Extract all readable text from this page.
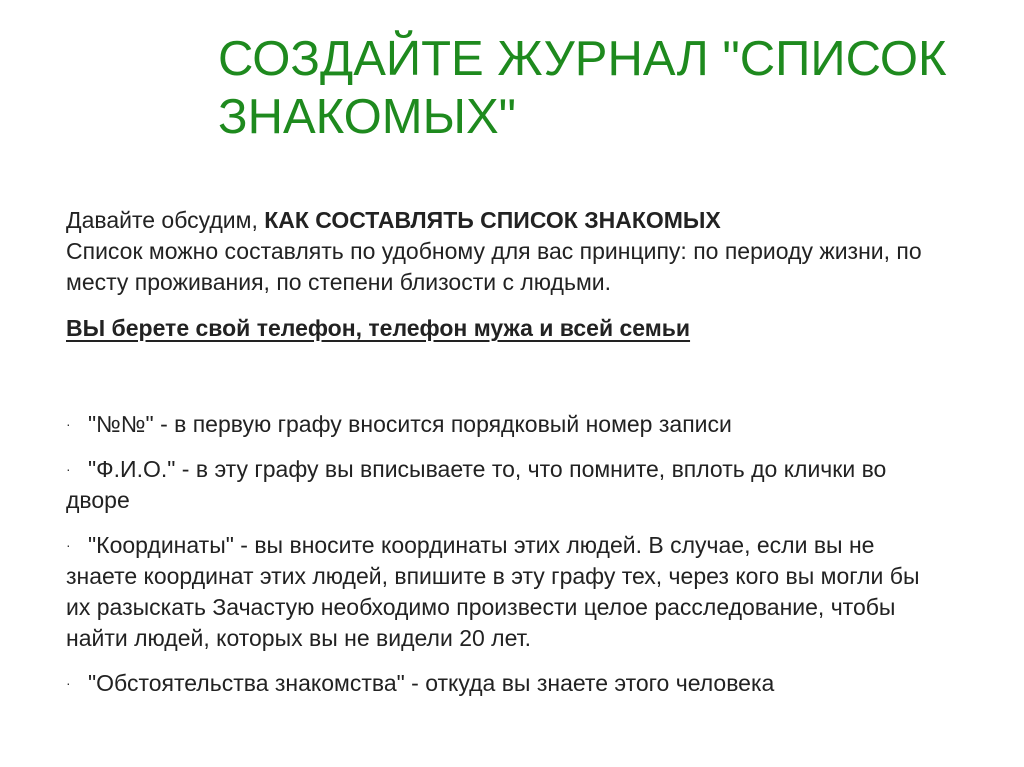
СОЗДАЙТЕ ЖУРНАЛ "СПИСОК ЗНАКОМЫХ"

Давайте обсудим, КАК СОСТАВЛЯТЬ СПИСОК ЗНАКОМЫХ

Список можно составлять по удобному для вас принципу: по периоду жизни, по месту проживания, по степени близости с людьми.

ВЫ берете свой телефон, телефон мужа и всей семьи

· "№№" - в первую графу вносится порядковый номер записи
· "Ф.И.О." - в эту графу вы вписываете то, что помните, вплоть до клички во дворе
· "Координаты" - вы вносите координаты этих людей. В случае, если вы не знаете координат этих людей, впишите в эту графу тех, через кого вы могли бы их разыскать Зачастую необходимо произвести целое расследование, чтобы найти людей, которых вы не видели 20 лет.
· "Обстоятельства знакомства" - откуда вы знаете этого человека
